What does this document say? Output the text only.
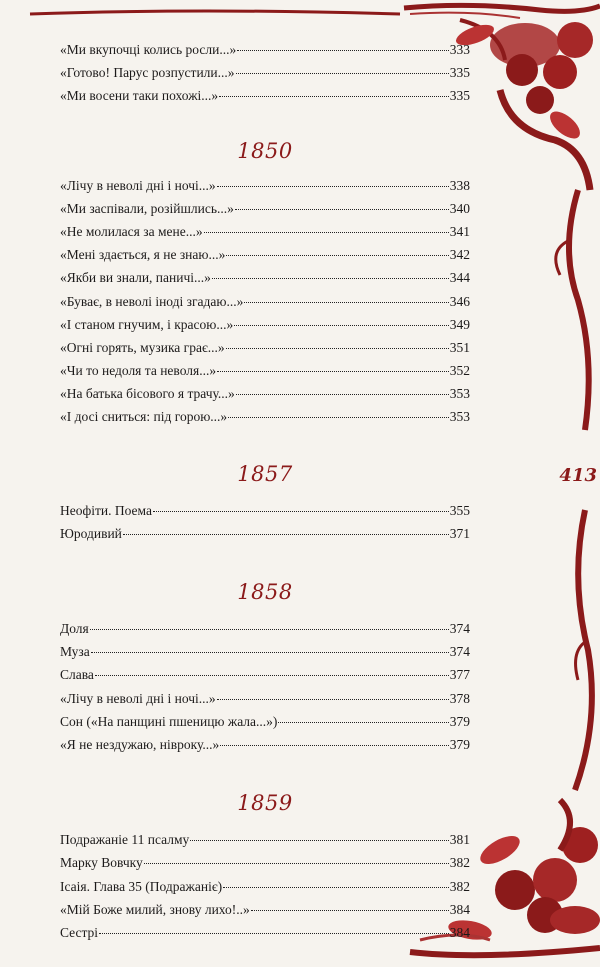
413
«Ми вкупочці колись росли...»	333
«Готово! Парус розпустили...»	335
«Ми восени таки похожі...»	335
1850
«Лічу в неволі дні і ночі...»	338
«Ми заспівали, розійшлись...»	340
«Не молилася за мене...»	341
«Мені здається, я не знаю...»	342
«Якби ви знали, паничі...»	344
«Буває, в неволі іноді згадаю...»	346
«І станом гнучим, і красою...»	349
«Огні горять, музика грає...»	351
«Чи то недоля та неволя...»	352
«На батька бісового я трачу...»	353
«І досі сниться: під горою...»	353
1857
Неофіти. Поема	355
Юродивий	371
1858
Доля	374
Муза	374
Слава	377
«Лічу в неволі дні і ночі...»	378
Сон («На панщині пшеницю жала...»)	379
«Я не нездужаю, нівроку...»	379
1859
Подражаніе 11 псалму	381
Марку Вовчку	382
Ісаія. Глава 35 (Подражаніє)	382
«Мій Боже милий, знову лихо!..»	384
Сестрі	384
